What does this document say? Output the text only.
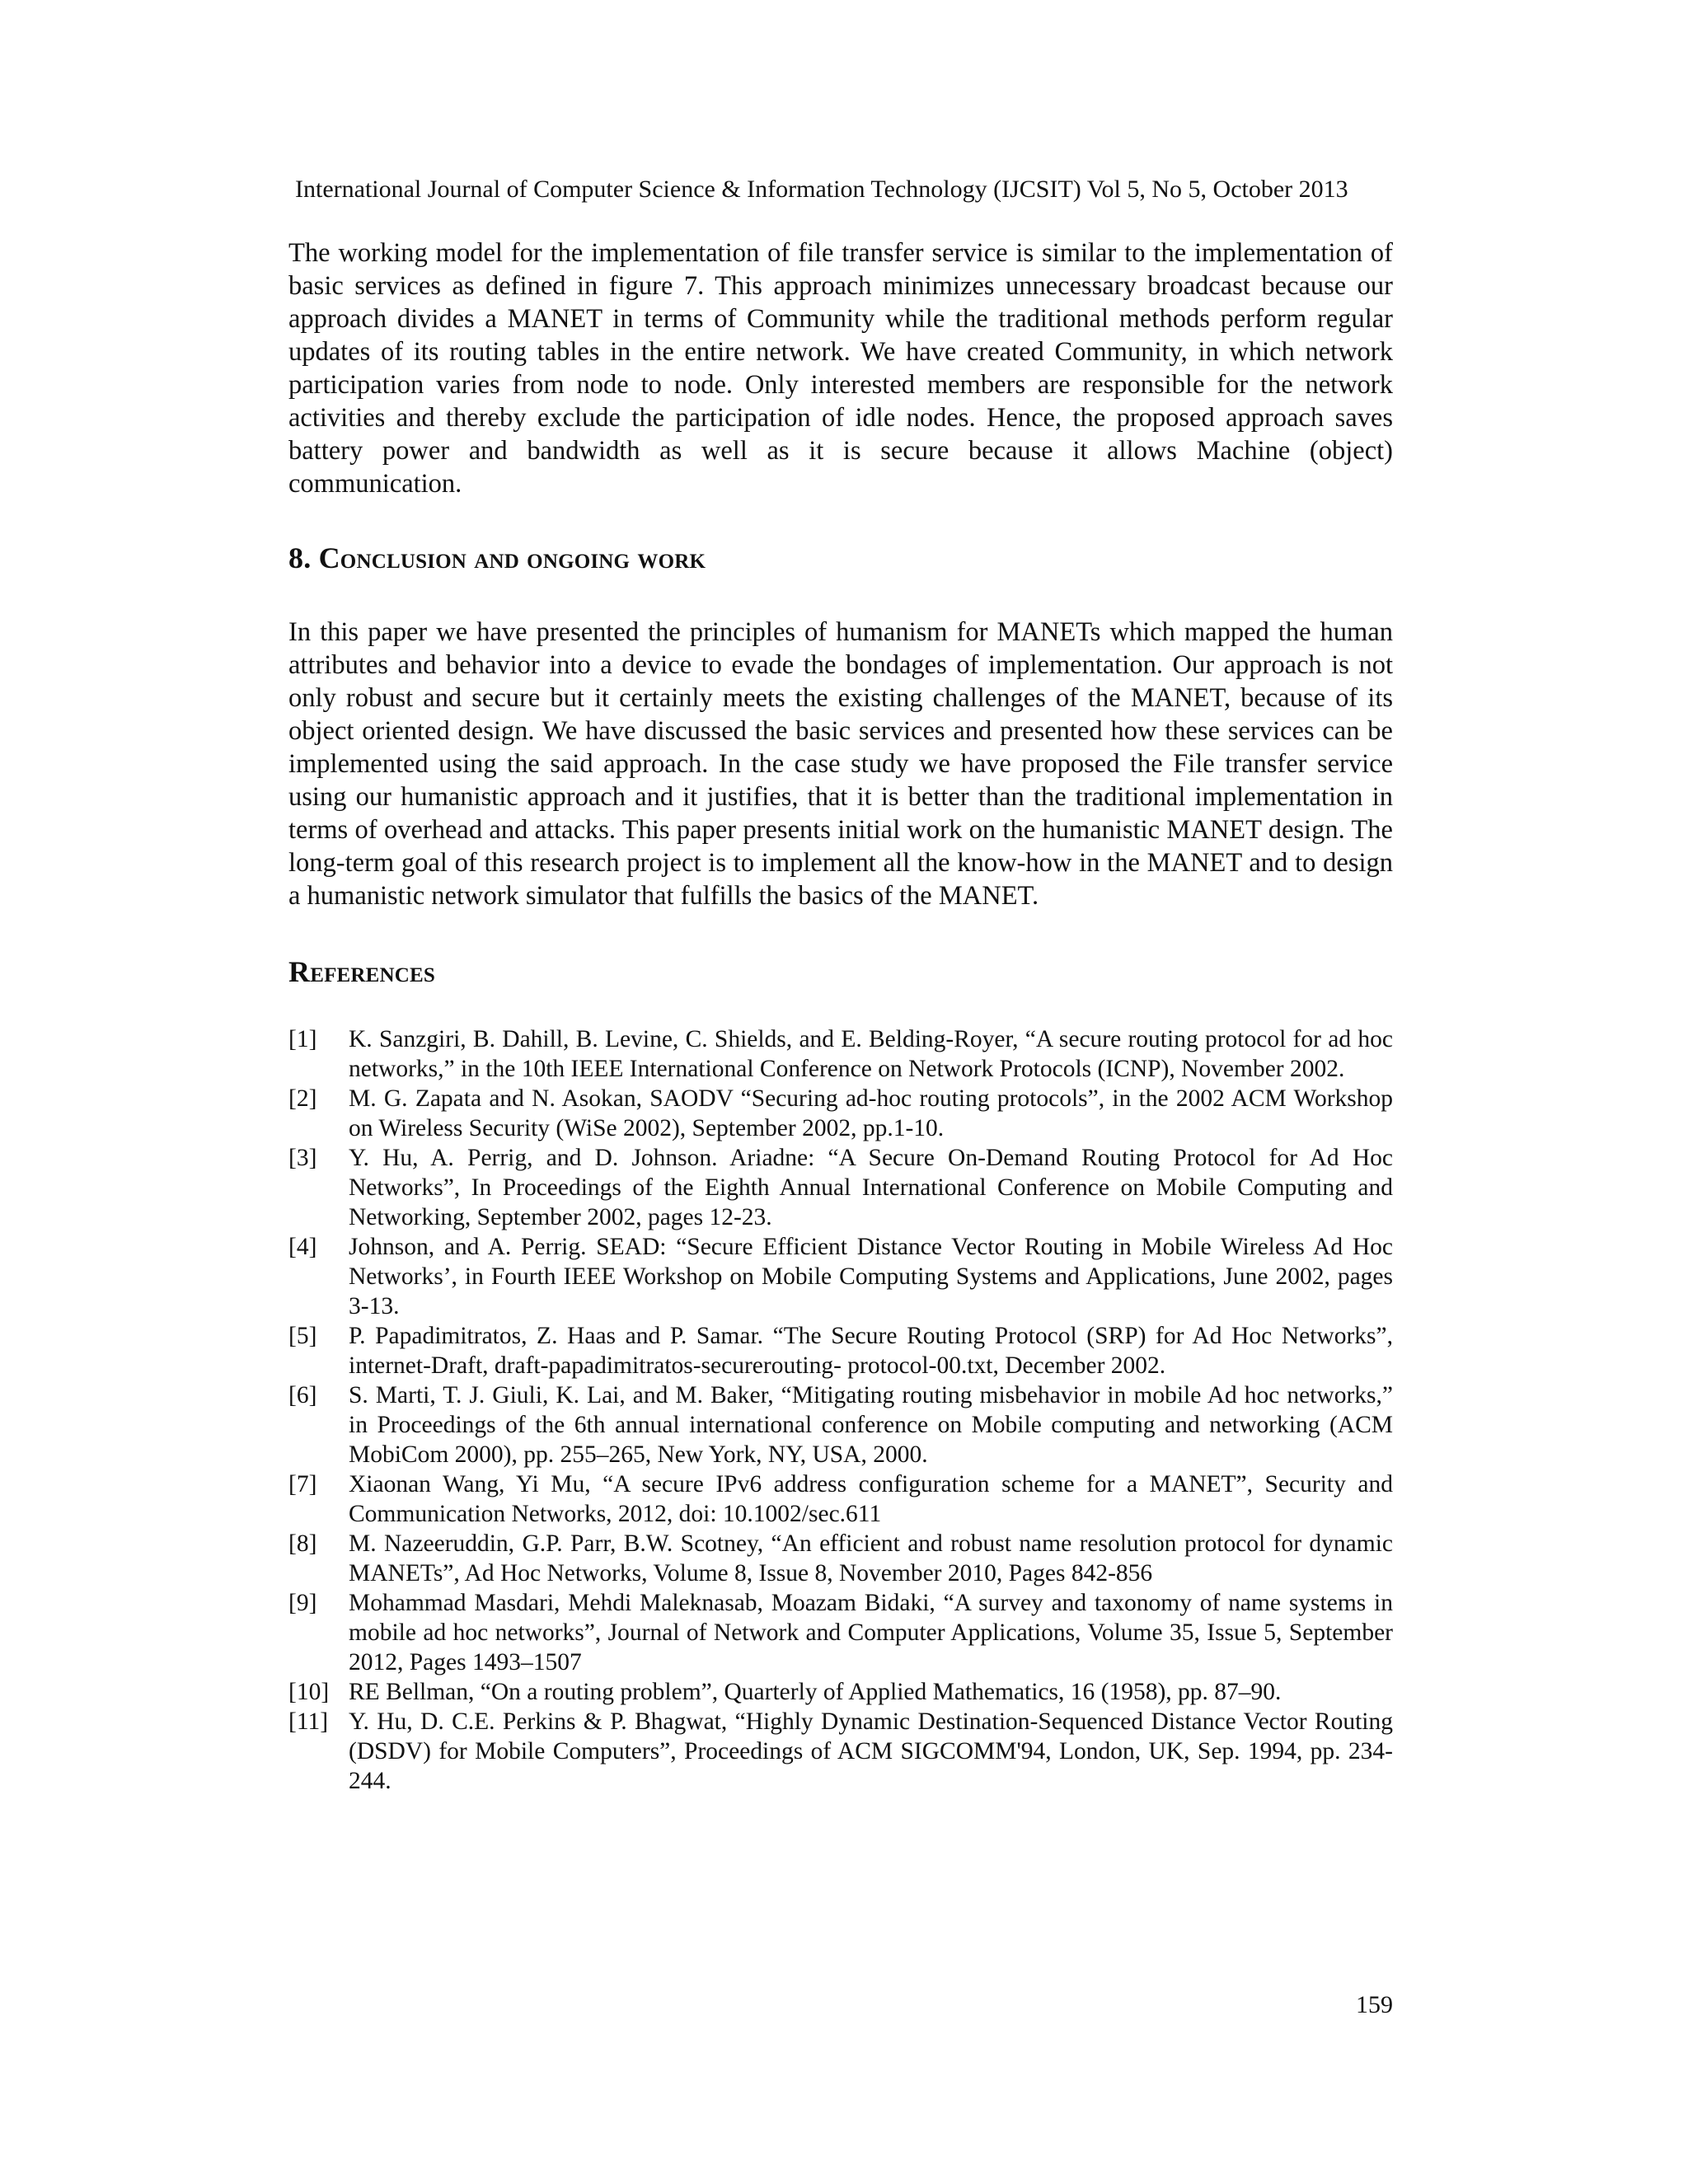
International Journal of Computer Science & Information Technology (IJCSIT) Vol 5, No 5, October 2013

The working model for the implementation of file transfer service is similar to the implementation of basic services as defined in figure 7. This approach minimizes unnecessary broadcast because our approach divides a MANET in terms of Community while the traditional methods perform regular updates of its routing tables in the entire network. We have created Community, in which network participation varies from node to node. Only interested members are responsible for the network activities and thereby exclude the participation of idle nodes. Hence, the proposed approach saves battery power and bandwidth as well as it is secure because it allows Machine (object) communication.

8. Conclusion and ongoing work

In this paper we have presented the principles of humanism for MANETs which mapped the human attributes and behavior into a device to evade the bondages of implementation. Our approach is not only robust and secure but it certainly meets the existing challenges of the MANET, because of its object oriented design. We have discussed the basic services and presented how these services can be implemented using the said approach. In the case study we have proposed the File transfer service using our humanistic approach and it justifies, that it is better than the traditional implementation in terms of overhead and attacks. This paper presents initial work on the humanistic MANET design. The long-term goal of this research project is to implement all the know-how in the MANET and to design a humanistic network simulator that fulfills the basics of the MANET.

References
[1]	K. Sanzgiri, B. Dahill, B. Levine, C. Shields, and E. Belding-Royer, “A secure routing protocol for ad hoc networks,” in the 10th IEEE International Conference on Network Protocols (ICNP), November 2002.
[2]	M. G. Zapata and N. Asokan, SAODV “Securing ad-hoc routing protocols”, in the 2002 ACM Workshop on Wireless Security (WiSe 2002), September 2002, pp.1-10.
[3]	Y. Hu, A. Perrig, and D. Johnson. Ariadne: “A Secure On-Demand Routing Protocol for Ad Hoc Networks”, In Proceedings of the Eighth Annual International Conference on Mobile Computing and Networking, September 2002, pages 12-23.
[4]	Johnson, and A. Perrig. SEAD: “Secure Efficient Distance Vector Routing in Mobile Wireless Ad Hoc Networks’, in Fourth IEEE Workshop on Mobile Computing Systems and Applications, June 2002, pages 3-13.
[5]	P. Papadimitratos, Z. Haas and P. Samar. “The Secure Routing Protocol (SRP) for Ad Hoc Networks”, internet-Draft, draft-papadimitratos-securerouting- protocol-00.txt, December 2002.
[6]	S. Marti, T. J. Giuli, K. Lai, and M. Baker, “Mitigating routing misbehavior in mobile Ad hoc networks,” in Proceedings of the 6th annual international conference on Mobile computing and networking (ACM MobiCom 2000), pp. 255–265, New York, NY, USA, 2000.
[7]	Xiaonan Wang, Yi Mu, “A secure IPv6 address configuration scheme for a MANET”, Security and Communication Networks, 2012, doi: 10.1002/sec.611
[8]	M. Nazeeruddin, G.P. Parr, B.W. Scotney, “An efficient and robust name resolution protocol for dynamic MANETs”, Ad Hoc Networks, Volume 8, Issue 8, November 2010, Pages 842-856
[9]	Mohammad Masdari, Mehdi Maleknasab, Moazam Bidaki, “A survey and taxonomy of name systems in mobile ad hoc networks”, Journal of Network and Computer Applications, Volume 35, Issue 5, September 2012, Pages 1493–1507
[10] RE Bellman, “On a routing problem”, Quarterly of Applied Mathematics, 16 (1958), pp. 87–90.
[11] Y. Hu, D. C.E. Perkins & P. Bhagwat, “Highly Dynamic Destination-Sequenced Distance Vector Routing (DSDV) for Mobile Computers”, Proceedings of ACM SIGCOMM'94, London, UK, Sep. 1994, pp. 234-244.
159
